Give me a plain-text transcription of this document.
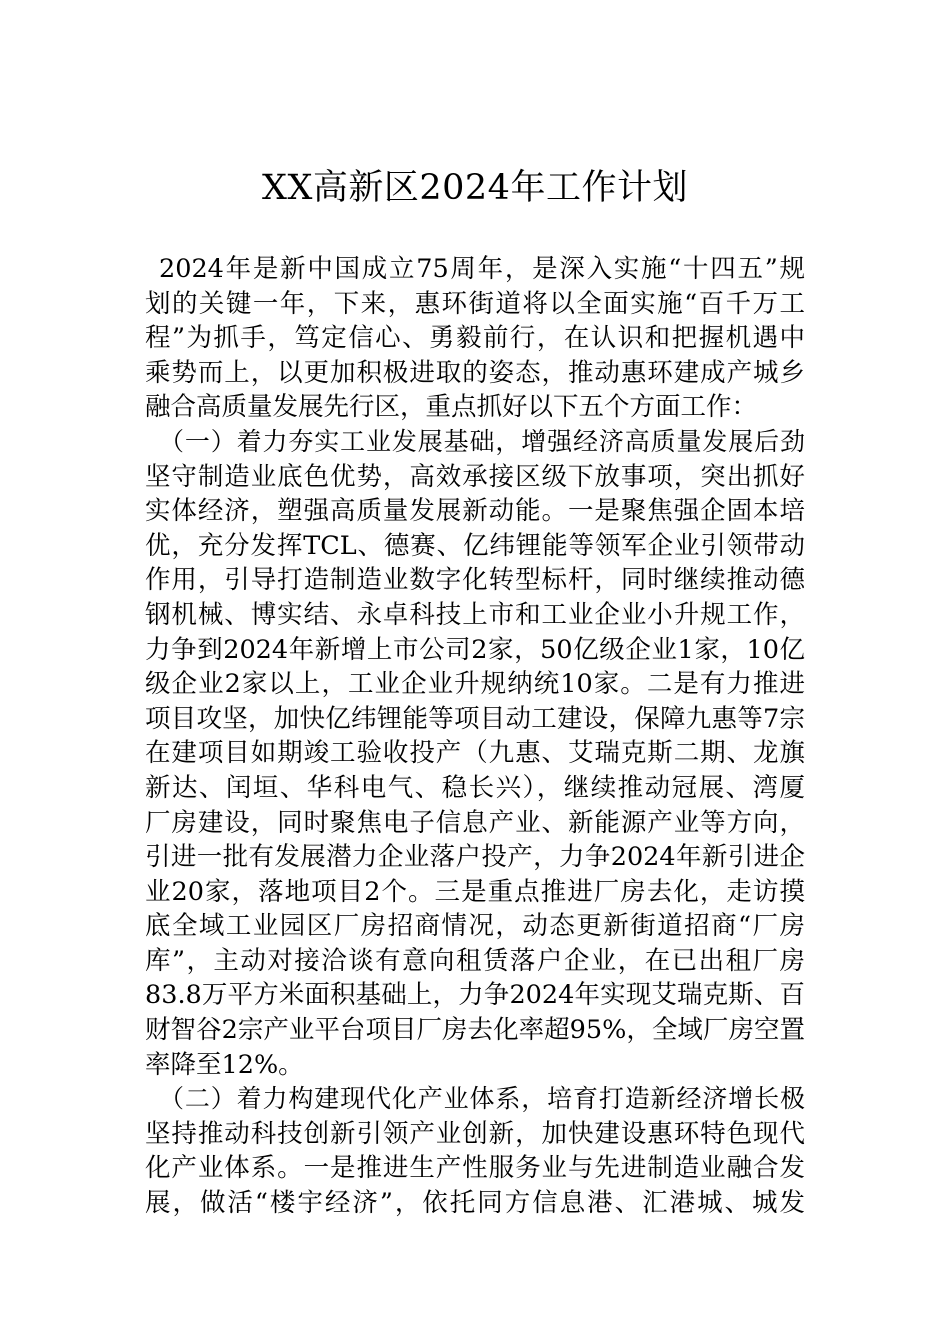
XX高新区2024年工作计划
2024年是新中国成立75周年，是深入实施“十四五”规
划的关键一年，下来，惠环街道将以全面实施“百千万工
程”为抓手，笃定信心、勇毅前行，在认识和把握机遇中
乘势而上，以更加积极进取的姿态，推动惠环建成产城乡
融合高质量发展先行区，重点抓好以下五个方面工作：
（一）着力夯实工业发展基础，增强经济高质量发展后劲
坚守制造业底色优势，高效承接区级下放事项，突出抓好
实体经济，塑强高质量发展新动能。一是聚焦强企固本培
优，充分发挥TCL、德赛、亿纬锂能等领军企业引领带动
作用，引导打造制造业数字化转型标杆，同时继续推动德
钢机械、博实结、永卓科技上市和工业企业小升规工作，
力争到2024年新增上市公司2家，50亿级企业1家，10亿
级企业2家以上，工业企业升规纳统10家。二是有力推进
项目攻坚，加快亿纬锂能等项目动工建设，保障九惠等7宗
在建项目如期竣工验收投产（九惠、艾瑞克斯二期、龙旗
新达、闰垣、华科电气、稳长兴），继续推动冠展、湾厦
厂房建设，同时聚焦电子信息产业、新能源产业等方向，
引进一批有发展潜力企业落户投产，力争2024年新引进企
业20家，落地项目2个。三是重点推进厂房去化，走访摸
底全域工业园区厂房招商情况，动态更新街道招商“厂房
库”，主动对接洽谈有意向租赁落户企业，在已出租厂房
83.8万平方米面积基础上，力争2024年实现艾瑞克斯、百
财智谷2宗产业平台项目厂房去化率超95%，全域厂房空置
率降至12%。
（二）着力构建现代化产业体系，培育打造新经济增长极
坚持推动科技创新引领产业创新，加快建设惠环特色现代
化产业体系。一是推进生产性服务业与先进制造业融合发
展，做活“楼宇经济”，依托同方信息港、汇港城、城发
